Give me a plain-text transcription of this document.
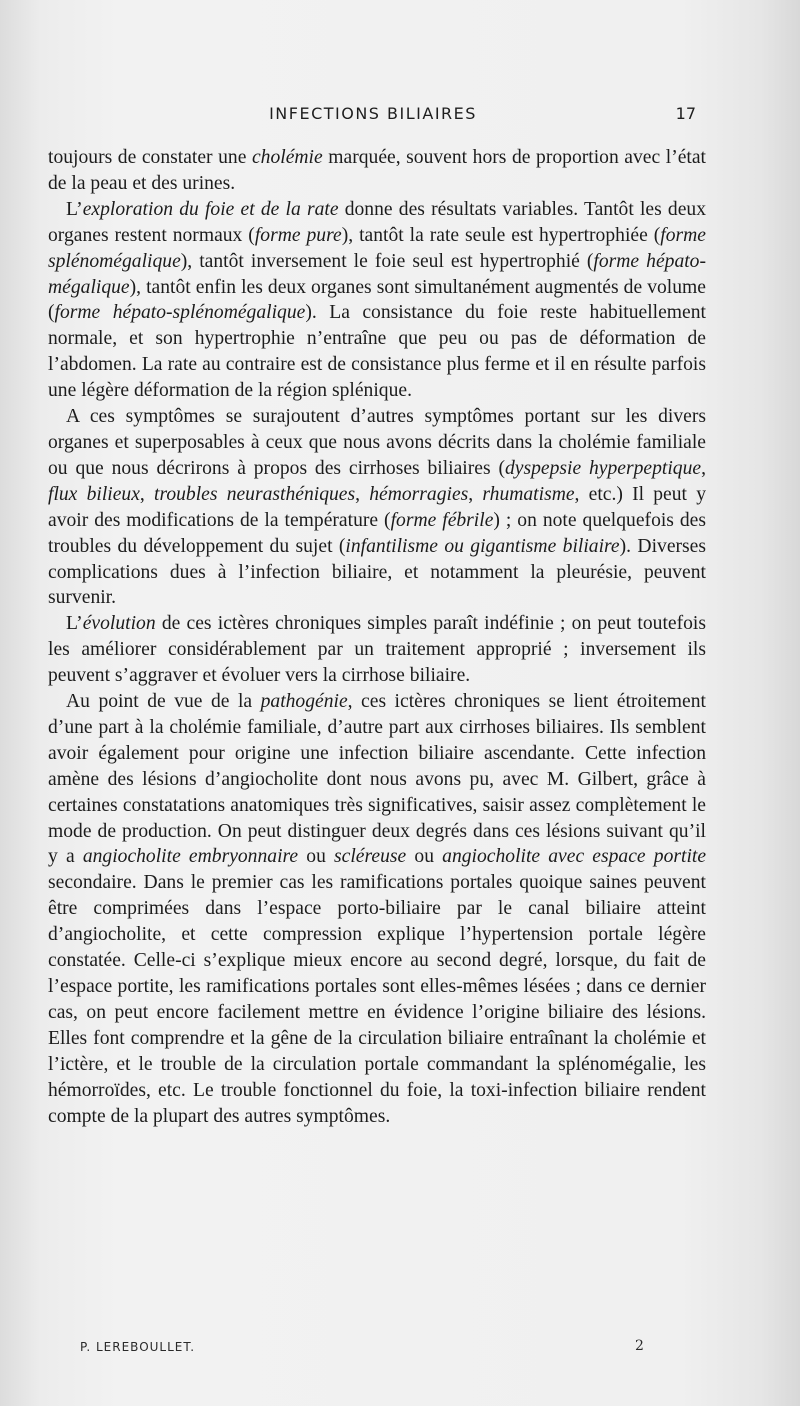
INFECTIONS BILIAIRES	17

toujours de constater une cholémie marquée, souvent hors de proportion avec l’état de la peau et des urines.

L’exploration du foie et de la rate donne des résultats variables. Tantôt les deux organes restent normaux (forme pure), tantôt la rate seule est hypertrophiée (forme splénomégalique), tantôt inversement le foie seul est hypertrophié (forme hépato-mégalique), tantôt enfin les deux organes sont simultanément augmentés de volume (forme hépato-splénomégalique). La consistance du foie reste habituellement normale, et son hypertrophie n’entraîne que peu ou pas de déformation de l’abdomen. La rate au contraire est de consistance plus ferme et il en résulte parfois une légère déformation de la région splénique.

A ces symptômes se surajoutent d’autres symptômes portant sur les divers organes et superposables à ceux que nous avons décrits dans la cholémie familiale ou que nous décrirons à propos des cirrhoses biliaires (dyspepsie hyperpeptique, flux bilieux, troubles neurasthéniques, hémorragies, rhumatisme, etc.) Il peut y avoir des modifications de la température (forme fébrile) ; on note quelquefois des troubles du développement du sujet (infantilisme ou gigantisme biliaire). Diverses complications dues à l’infection biliaire, et notamment la pleurésie, peuvent survenir.

L’évolution de ces ictères chroniques simples paraît indéfinie ; on peut toutefois les améliorer considérablement par un traitement approprié ; inversement ils peuvent s’aggraver et évoluer vers la cirrhose biliaire.

Au point de vue de la pathogénie, ces ictères chroniques se lient étroitement d’une part à la cholémie familiale, d’autre part aux cirrhoses biliaires. Ils semblent avoir également pour origine une infection biliaire ascendante. Cette infection amène des lésions d’angiocholite dont nous avons pu, avec M. Gilbert, grâce à certaines constatations anatomiques très significatives, saisir assez complètement le mode de production. On peut distinguer deux degrés dans ces lésions suivant qu’il y a angiocholite embryonnaire ou scléreuse ou angiocholite avec espace portite secondaire. Dans le premier cas les ramifications portales quoique saines peuvent être comprimées dans l’espace porto-biliaire par le canal biliaire atteint d’angiocholite, et cette compression explique l’hypertension portale légère constatée. Celle-ci s’explique mieux encore au second degré, lorsque, du fait de l’espace portite, les ramifications portales sont elles-mêmes lésées ; dans ce dernier cas, on peut encore facilement mettre en évidence l’origine biliaire des lésions. Elles font comprendre et la gêne de la circulation biliaire entraînant la cholémie et l’ictère, et le trouble de la circulation portale commandant la splénomégalie, les hémorroïdes, etc. Le trouble fonctionnel du foie, la toxi-infection biliaire rendent compte de la plupart des autres symptômes.

P. LEREBOULLET.	2
